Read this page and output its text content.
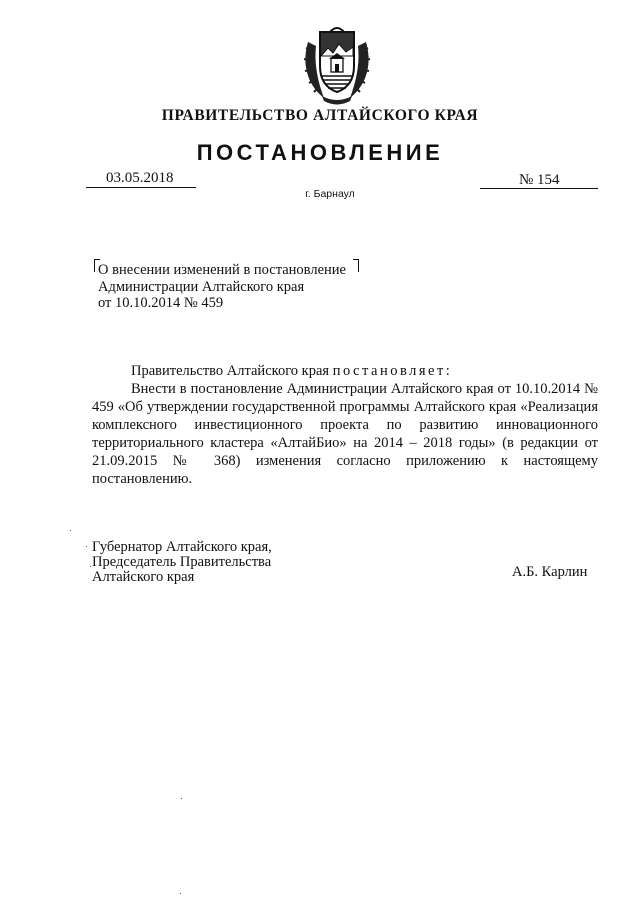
ПРАВИТЕЛЬСТВО АЛТАЙСКОГО КРАЯ
ПОСТАНОВЛЕНИЕ
03.05.2018	№ 154
г. Барнаул
О внесении изменений в постановление
Администрации Алтайского края
от 10.10.2014 № 459

Правительство Алтайского края постановляет:

Внести в постановление Администрации Алтайского края от 10.10.2014 № 459 «Об утверждении государственной программы Алтайского края «Реализация комплексного инвестиционного проекта по развитию инновационного территориального кластера «АлтайБио» на 2014 – 2018 годы» (в редакции от 21.09.2015 № 368) изменения согласно приложению к настоящему постановлению.

Губернатор Алтайского края,
Председатель Правительства
Алтайского края	А.Б. Карлин
